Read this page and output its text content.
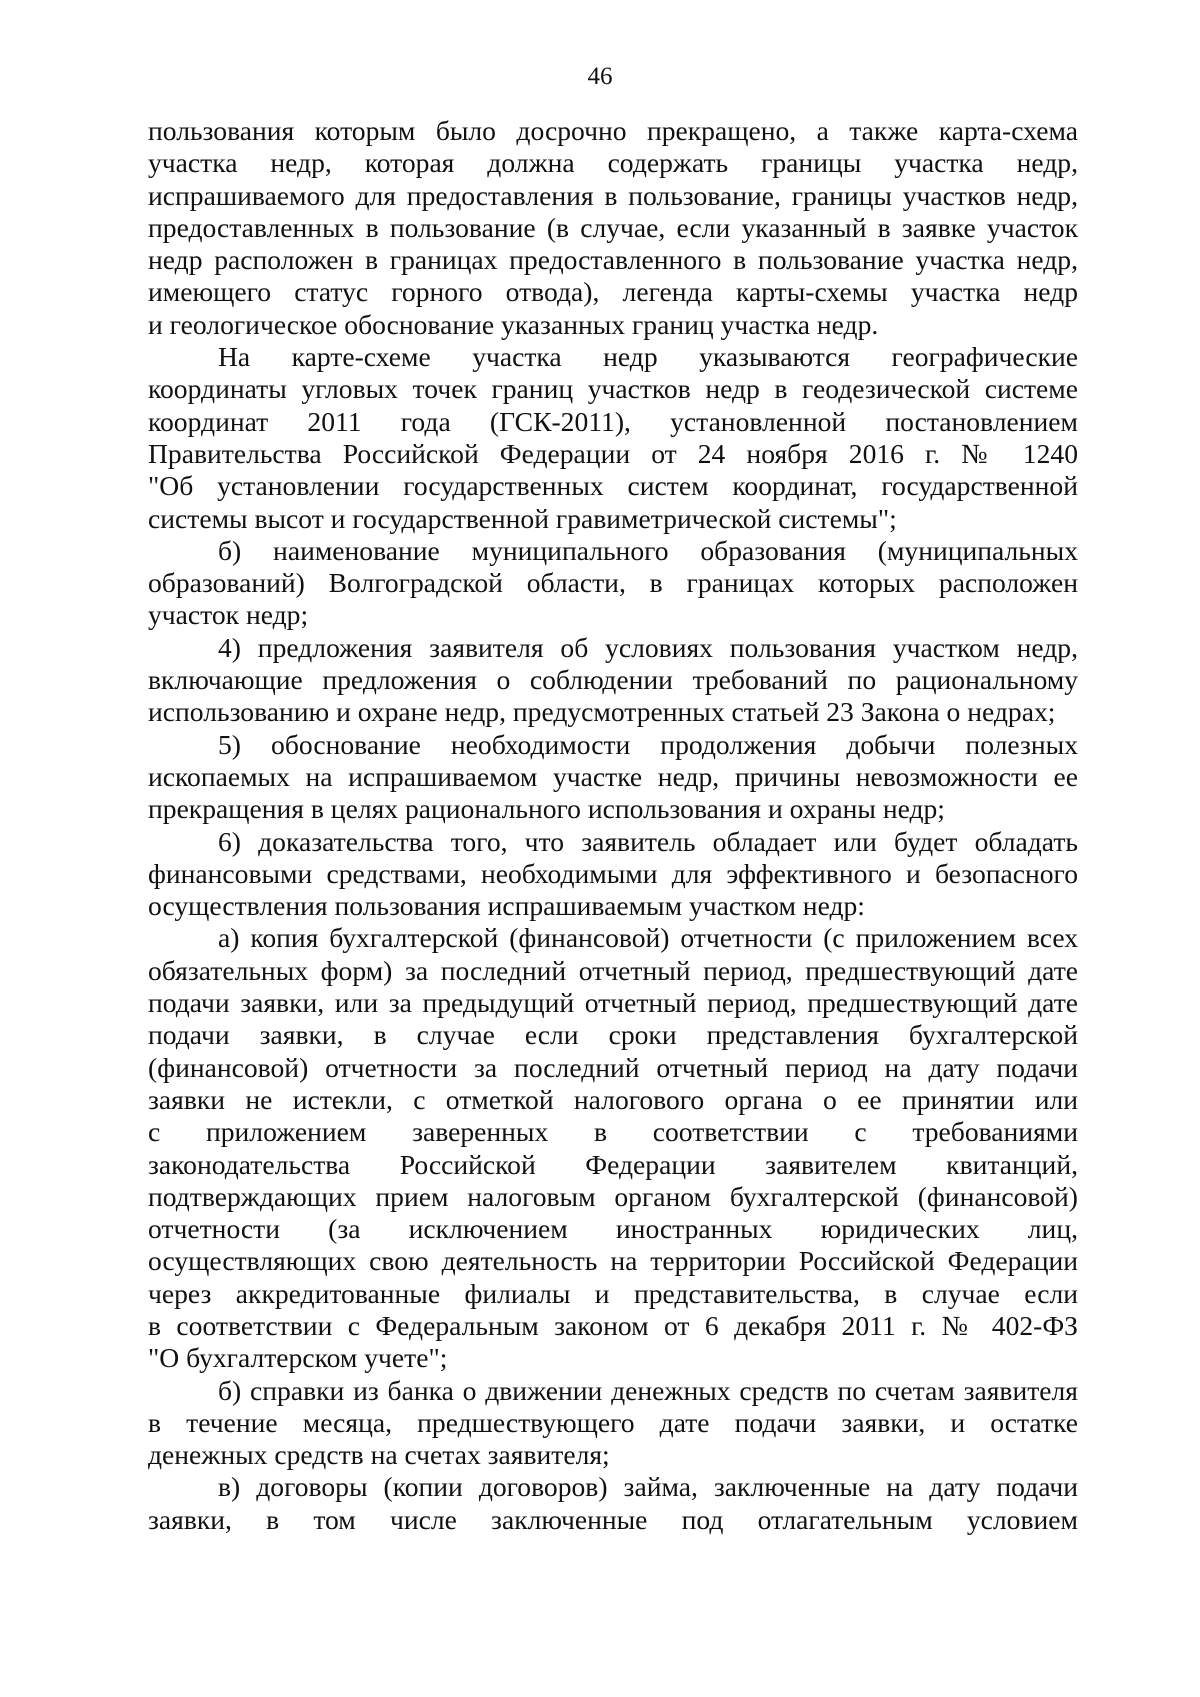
46
пользования которым было досрочно прекращено, а также карта-схема
участка недр, которая должна содержать границы участка недр,
испрашиваемого для предоставления в пользование, границы участков недр,
предоставленных в пользование (в случае, если указанный в заявке участок
недр расположен в границах предоставленного в пользование участка недр,
имеющего статус горного отвода), легенда карты-схемы участка недр
и геологическое обоснование указанных границ участка недр.
На карте-схеме участка недр указываются географические
координаты угловых точек границ участков недр в геодезической системе
координат 2011 года (ГСК-2011), установленной постановлением
Правительства Российской Федерации от 24 ноября 2016 г. № 1240
"Об установлении государственных систем координат, государственной
системы высот и государственной гравиметрической системы";
б) наименование муниципального образования (муниципальных
образований) Волгоградской области, в границах которых расположен
участок недр;
4) предложения заявителя об условиях пользования участком недр,
включающие предложения о соблюдении требований по рациональному
использованию и охране недр, предусмотренных статьей 23 Закона о недрах;
5) обоснование необходимости продолжения добычи полезных
ископаемых на испрашиваемом участке недр, причины невозможности ее
прекращения в целях рационального использования и охраны недр;
6) доказательства того, что заявитель обладает или будет обладать
финансовыми средствами, необходимыми для эффективного и безопасного
осуществления пользования испрашиваемым участком недр:
а) копия бухгалтерской (финансовой) отчетности (с приложением всех
обязательных форм) за последний отчетный период, предшествующий дате
подачи заявки, или за предыдущий отчетный период, предшествующий дате
подачи заявки, в случае если сроки представления бухгалтерской
(финансовой) отчетности за последний отчетный период на дату подачи
заявки не истекли, с отметкой налогового органа о ее принятии или
с приложением заверенных в соответствии с требованиями
законодательства Российской Федерации заявителем квитанций,
подтверждающих прием налоговым органом бухгалтерской (финансовой)
отчетности (за исключением иностранных юридических лиц,
осуществляющих свою деятельность на территории Российской Федерации
через аккредитованные филиалы и представительства, в случае если
в соответствии с Федеральным законом от 6 декабря 2011 г. № 402-ФЗ
"О бухгалтерском учете";
б) справки из банка о движении денежных средств по счетам заявителя
в течение месяца, предшествующего дате подачи заявки, и остатке
денежных средств на счетах заявителя;
в) договоры (копии договоров) займа, заключенные на дату подачи
заявки, в том числе заключенные под отлагательным условием
